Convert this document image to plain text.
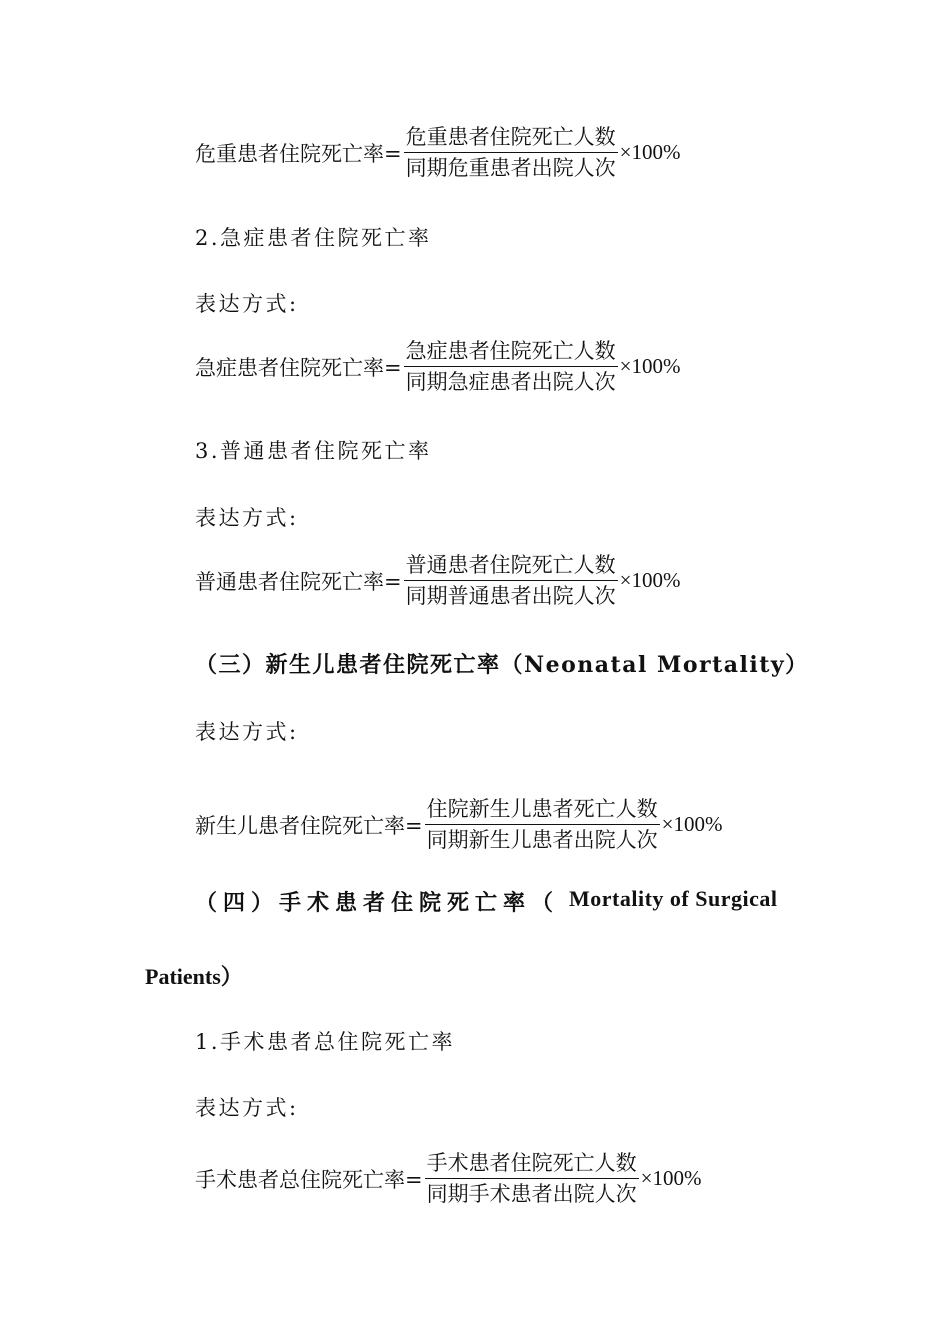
危重患者住院死亡率= $\frac{\text{危重患者住院死亡人数}}{\text{同期危重患者出院人次}} \times 100\%$
2.急症患者住院死亡率
表达方式:
急症患者住院死亡率= $\frac{\text{急症患者住院死亡人数}}{\text{同期急症患者出院人次}} \times 100\%$
3.普通患者住院死亡率
表达方式:
普通患者住院死亡率= $\frac{\text{普通患者住院死亡人数}}{\text{同期普通患者出院人次}} \times 100\%$
（三）新生儿患者住院死亡率（Neonatal Mortality）
表达方式:
新生儿患者住院死亡率= $\frac{\text{住院新生儿患者死亡人数}}{\text{同期新生儿患者出院人次}} \times 100\%$
（四）手术患者住院死亡率（ Mortality of Surgical
Patients）
1.手术患者总住院死亡率
表达方式:
手术患者总住院死亡率= $\frac{\text{手术患者住院死亡人数}}{\text{同期手术患者出院人次}} \times 100\%$
